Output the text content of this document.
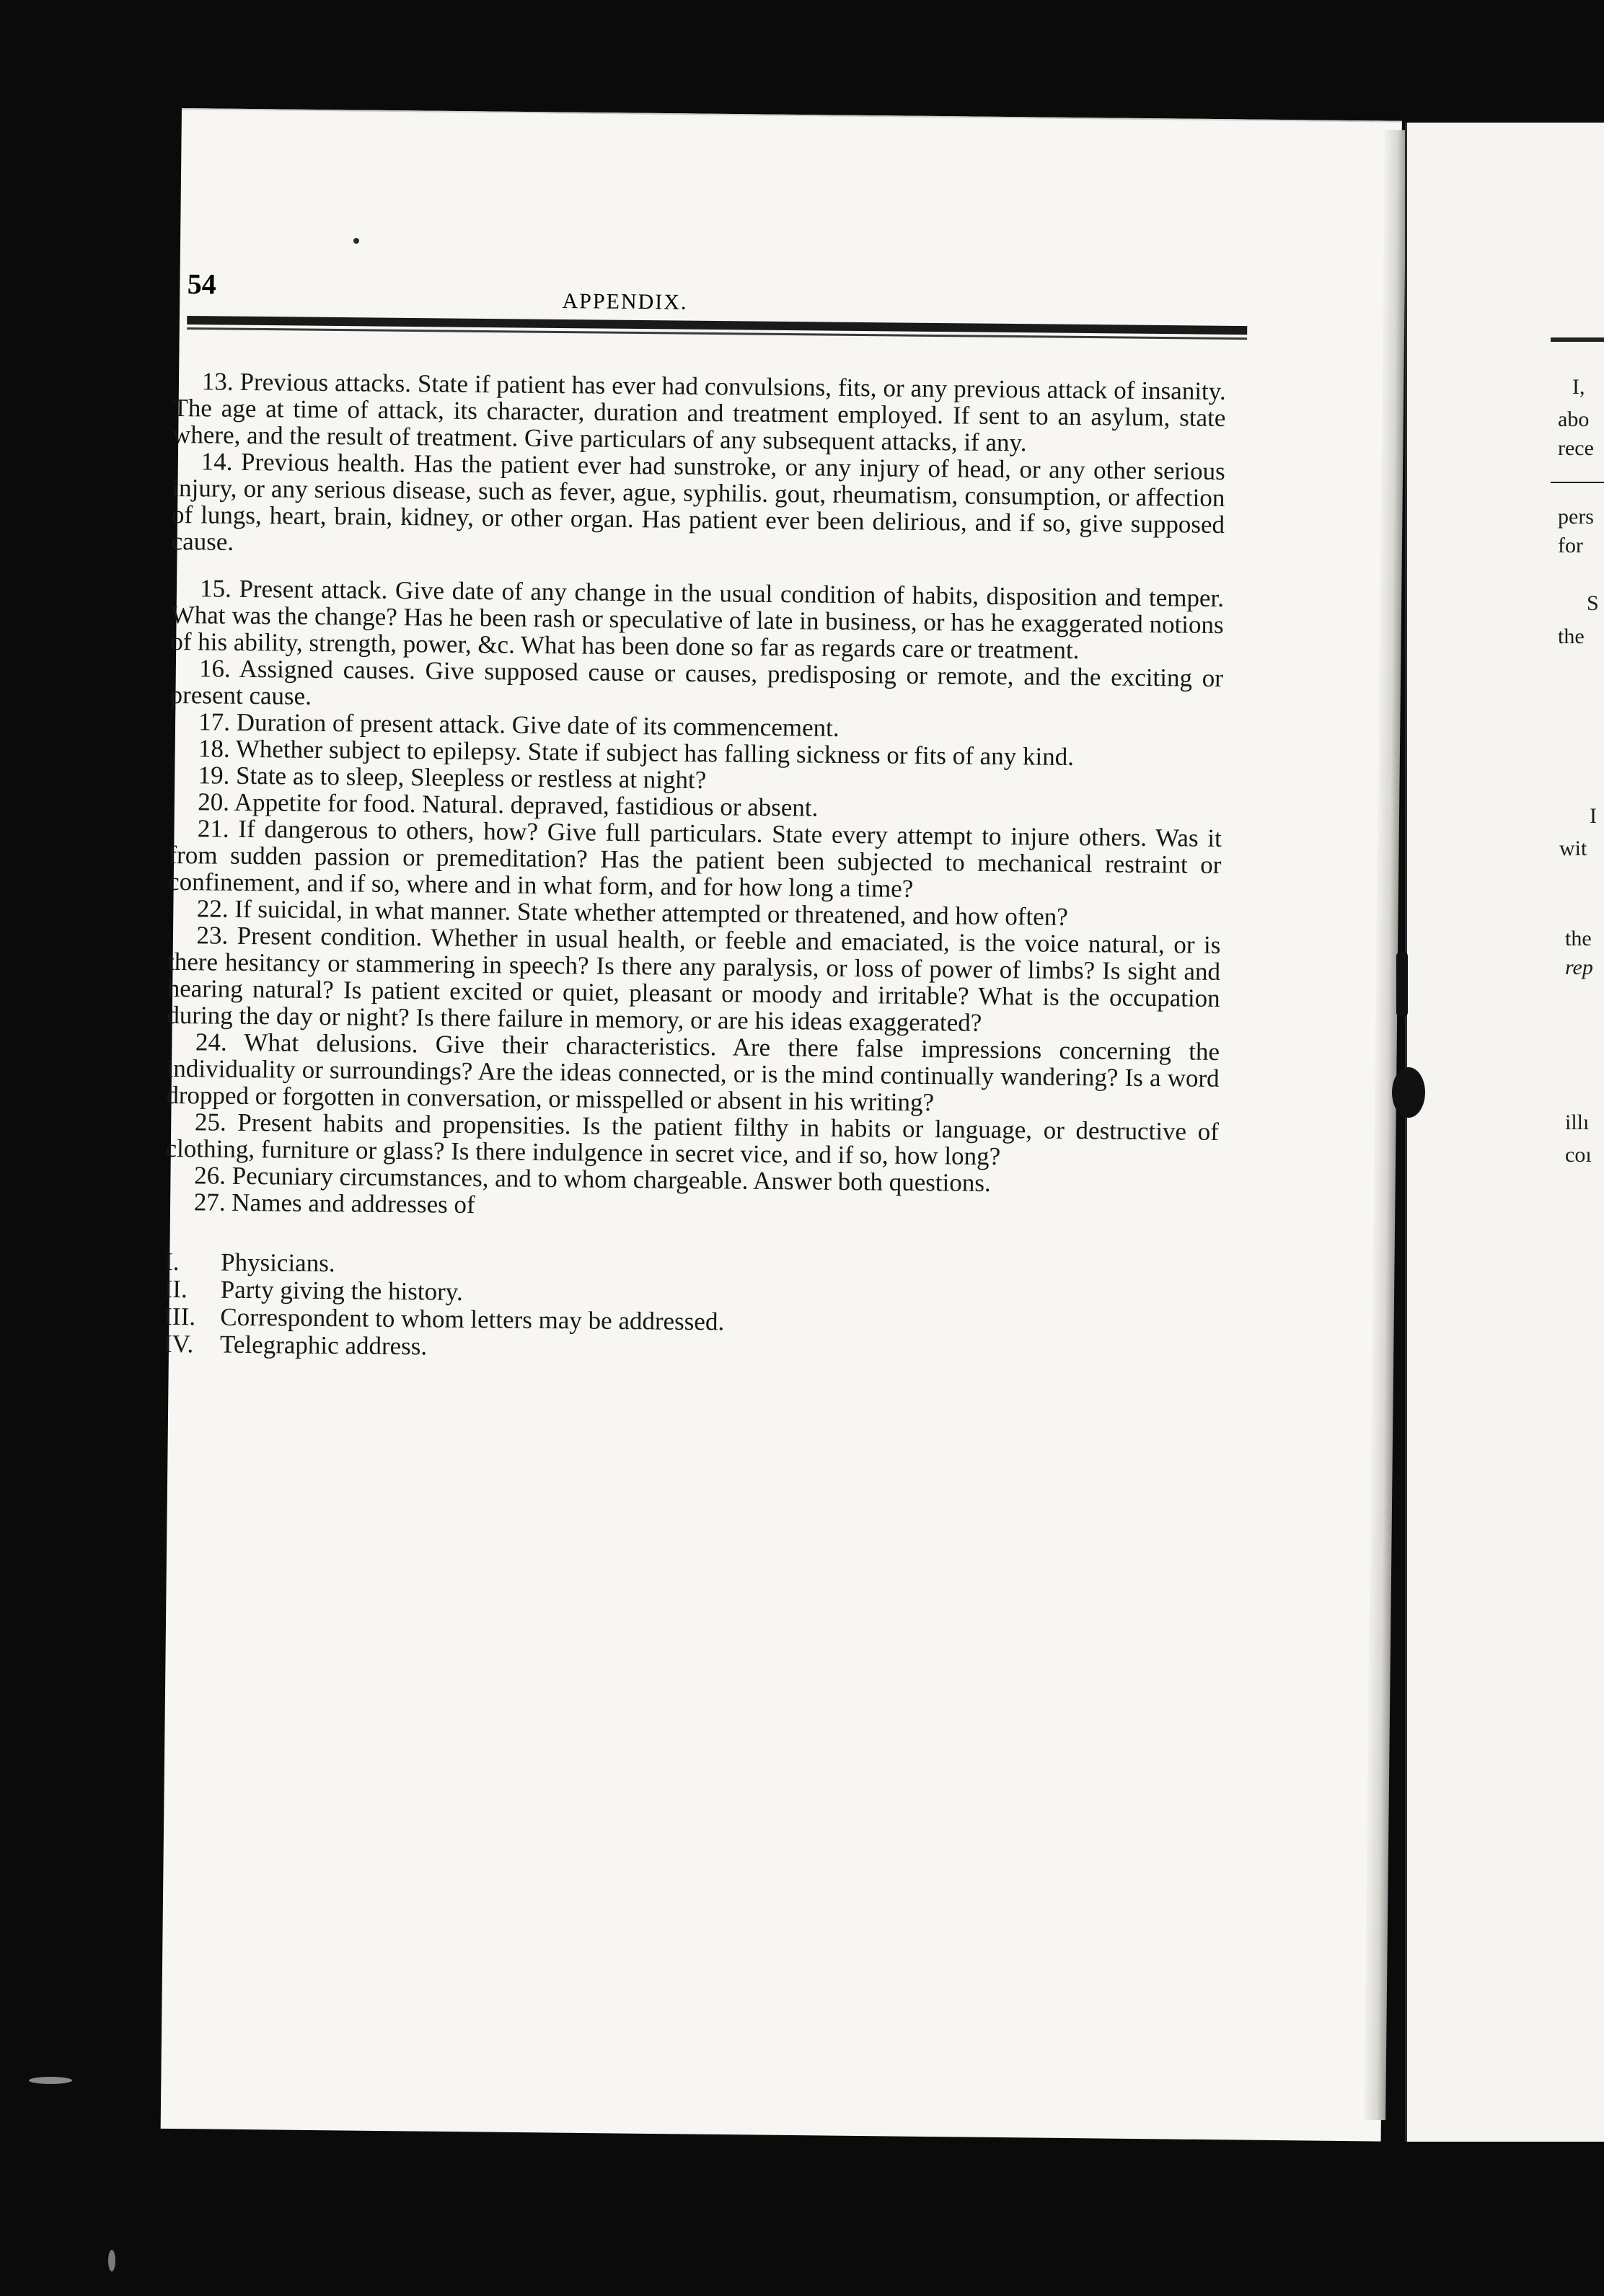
54
APPENDIX.

13. Previous attacks. State if patient has ever had convulsions, fits, or any previous attack of insanity. The age at time of attack, its character, duration and treatment employed. If sent to an asylum, state where, and the result of treatment. Give particulars of any subsequent attacks, if any.

14. Previous health. Has the patient ever had sunstroke, or any injury of head, or any other serious injury, or any serious disease, such as fever, ague, syphilis. gout, rheumatism, consumption, or affection of lungs, heart, brain, kidney, or other organ. Has patient ever been delirious, and if so, give supposed cause.

15. Present attack. Give date of any change in the usual condition of habits, disposition and temper. What was the change? Has he been rash or speculative of late in business, or has he exaggerated notions of his ability, strength, power, &c. What has been done so far as regards care or treatment.

16. Assigned causes. Give supposed cause or causes, predisposing or remote, and the exciting or present cause.

17. Duration of present attack. Give date of its commencement.

18. Whether subject to epilepsy. State if subject has falling sickness or fits of any kind.

19. State as to sleep, Sleepless or restless at night?

20. Appetite for food. Natural. depraved, fastidious or absent.

21. If dangerous to others, how? Give full particulars. State every attempt to injure others. Was it from sudden passion or premeditation? Has the patient been subjected to mechanical restraint or confinement, and if so, where and in what form, and for how long a time?

22. If suicidal, in what manner. State whether attempted or threatened, and how often?

23. Present condition. Whether in usual health, or feeble and emaciated, is the voice natural, or is there hesitancy or stammering in speech? Is there any paralysis, or loss of power of limbs? Is sight and hearing natural? Is patient excited or quiet, pleasant or moody and irritable? What is the occupation during the day or night? Is there failure in memory, or are his ideas exaggerated?

24. What delusions. Give their characteristics. Are there false impressions concerning the individuality or surroundings? Are the ideas connected, or is the mind continually wandering? Is a word dropped or forgotten in conversation, or misspelled or absent in his writing?

25. Present habits and propensities. Is the patient filthy in habits or language, or destructive of clothing, furniture or glass? Is there indulgence in secret vice, and if so, how long?

26. Pecuniary circumstances, and to whom chargeable. Answer both questions.

27. Names and addresses of

I.	Physicians.
II.	Party giving the history.
III. Correspondent to whom letters may be addressed.
IV.	Telegraphic address.
I,
abo
rece
pers
for
S
the
I
wit
the
rep
illı
coı
